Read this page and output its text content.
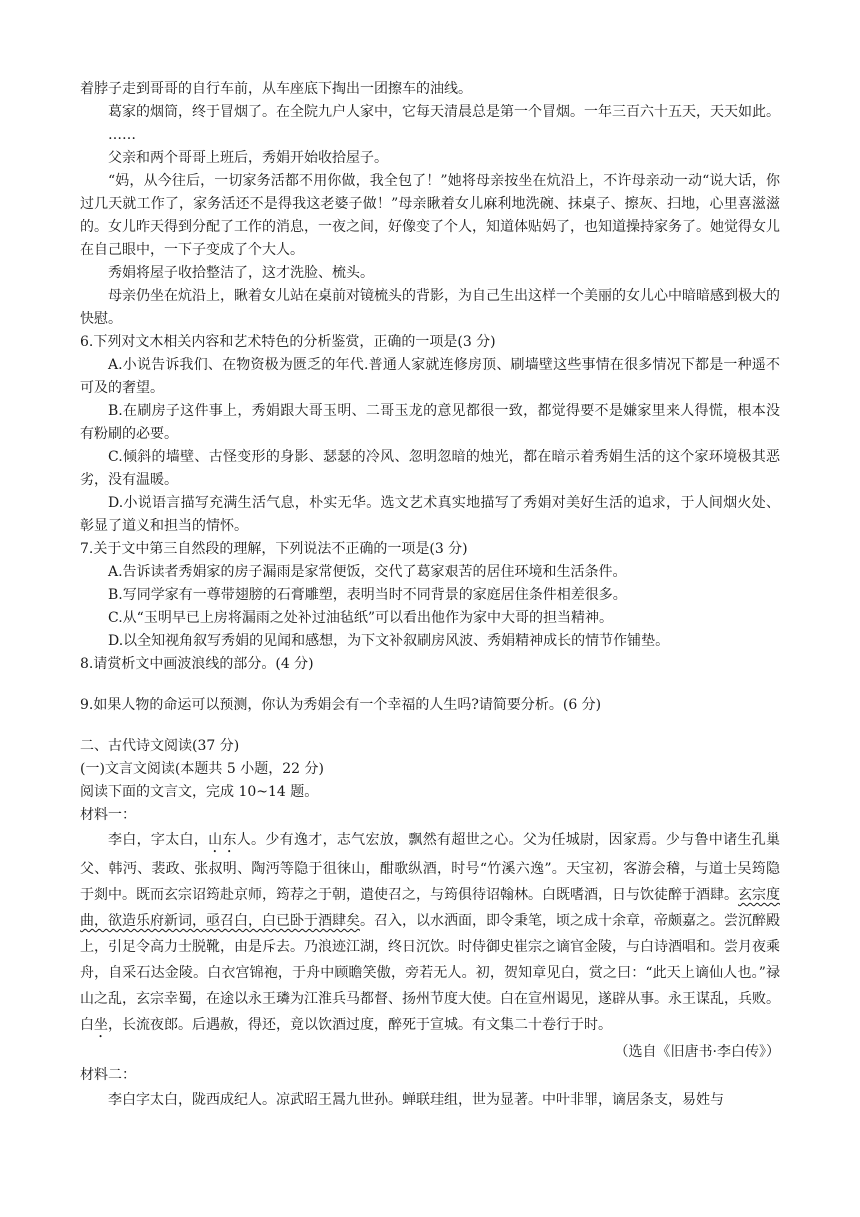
着脖子走到哥哥的自行车前，从车座底下掏出一团擦车的油线。

葛家的烟筒，终于冒烟了。在全院九户人家中，它每天清晨总是第一个冒烟。一年三百六十五天，天天如此。

……

父亲和两个哥哥上班后，秀娟开始收拾屋子。

“妈，从今往后，一切家务活都不用你做，我全包了！”她将母亲按坐在炕沿上，不许母亲动一动“说大话，你过几天就工作了，家务活还不是得我这老婆子做！”母亲瞅着女儿麻利地洗碗、抹桌子、擦灰、扫地，心里喜滋滋的。女儿昨天得到分配了工作的消息，一夜之间，好像变了个人，知道体贴妈了，也知道操持家务了。她觉得女儿在自己眼中，一下子变成了个大人。

秀娟将屋子收拾整洁了，这才洗脸、梳头。

母亲仍坐在炕沿上，瞅着女儿站在桌前对镜梳头的背影，为自己生出这样一个美丽的女儿心中暗暗感到极大的快慰。

6.下列对文木相关内容和艺术特色的分析鉴赏，正确的一项是(3 分)

A.小说告诉我们、在物资极为匮乏的年代.普通人家就连修房顶、刷墙壁这些事情在很多情况下都是一种遥不可及的奢望。

B.在刷房子这件事上，秀娟跟大哥玉明、二哥玉龙的意见都很一致，都觉得要不是嫌家里来人得慌，根本没有粉刷的必要。

C.倾斜的墙壁、古怪变形的身影、瑟瑟的冷风、忽明忽暗的烛光，都在暗示着秀娟生活的这个家环境极其恶劣，没有温暖。

D.小说语言描写充满生活气息，朴实无华。选文艺术真实地描写了秀娟对美好生活的追求，于人间烟火处、彰显了道义和担当的情怀。

7.关于文中第三自然段的理解，下列说法不正确的一项是(3 分)

A.告诉读者秀娟家的房子漏雨是家常便饭，交代了葛家艰苦的居住环境和生活条件。

B.写同学家有一尊带翅膀的石膏雕塑，表明当时不同背景的家庭居住条件相差很多。

C.从“玉明早已上房将漏雨之处补过油毡纸”可以看出他作为家中大哥的担当精神。

D.以全知视角叙写秀娟的见闻和感想，为下文补叙刷房风波、秀娟精神成长的情节作铺垫。

8.请赏析文中画波浪线的部分。(4 分)

9.如果人物的命运可以预测，你认为秀娟会有一个幸福的人生吗?请简要分析。(6 分)

二、古代诗文阅读(37 分)

(一)文言文阅读(本题共 5 小题，22 分)

阅读下面的文言文，完成 10~14 题。

材料一：

李白，字太白，山东人。少有逸才，志气宏放，飘然有超世之心。父为任城尉，因家焉。少与鲁中诸生孔巢父、韩沔、裴政、张叔明、陶沔等隐于徂徕山，酣歌纵酒，时号“竹溪六逸”。天宝初，客游会稽，与道士吴筠隐于剡中。既而玄宗诏筠赴京师，筠荐之于朝，遣使召之，与筠俱待诏翰林。白既嗜酒，日与饮徒醉于酒肆。玄宗度曲，欲造乐府新词，亟召白，白已卧于酒肆矣。召入，以水洒面，即令秉笔，顷之成十余章，帝颇嘉之。尝沉醉殿上，引足令高力士脱靴，由是斥去。乃浪迹江湖，终日沉饮。时侍御史崔宗之谪官金陵，与白诗酒唱和。尝月夜乘舟，自采石达金陵。白衣宫锦袍，于舟中顾瞻笑傲，旁若无人。初，贺知章见白，赏之曰：“此天上谪仙人也。”禄山之乱，玄宗幸蜀，在途以永王璘为江淮兵马都督、扬州节度大使。白在宣州谒见，遂辟从事。永王谋乱，兵败。白坐，长流夜郎。后遇赦，得还，竟以饮酒过度，醉死于宣城。有文集二十卷行于时。

（选自《旧唐书·李白传》）

材料二：

李白字太白，陇西成纪人。凉武昭王暠九世孙。蝉联珪组，世为显著。中叶非罪，谪居条支，易姓与
